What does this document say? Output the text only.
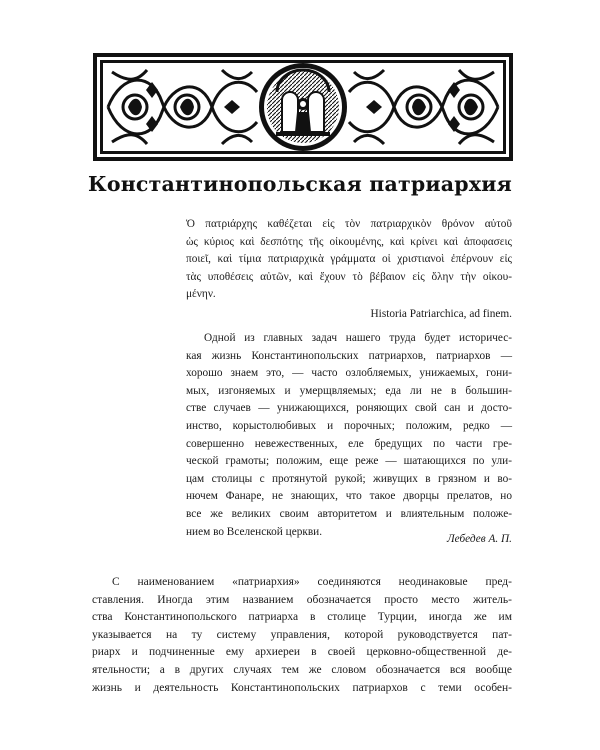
Константинопольская патриархия
Ὁ πατριάρχης καθέζεται εἰς τὸν πατριαρχικὸν θρόνον αὐτοῦ
ὡς κύριος καὶ δεσπότης τῆς οἰκουμένης, καὶ κρίνει καὶ ἀποφασεις
ποιεῖ, καὶ τίμια πατριαρχικὰ γράμματα οἱ χριστιανοὶ ἐπέρνουν εἰς
τὰς υποθέσεις αὐτῶν, καὶ ἔχουν τὸ βέβαιον εἰς ὅλην τὴν οἰκου-
μένην.
Historia Patriarchica, ad finem.
Одной из главных задач нашего труда будет историчес-
кая жизнь Константинопольских патриархов, патриархов —
хорошо знаем это, — часто озлобляемых, унижаемых, гони-
мых, изгоняемых и умерщвляемых; еда ли не в большин-
стве случаев — унижающихся, роняющих свой сан и досто-
инство, корыстолюбивых и порочных; положим, редко —
совершенно невежественных, еле бредущих по части гре-
ческой грамоты; положим, еще реже — шатающихся по ули-
цам столицы с протянутой рукой; живущих в грязном и во-
нючем Фанаре, не знающих, что такое дворцы прелатов, но
все же великих своим авторитетом и влиятельным положе-
нием во Вселенской церкви.
Лебедев А. П.
С наименованием «патриархия» соединяются неодинаковые пред-
ставления. Иногда этим названием обозначается просто место житель-
ства Константинопольского патриарха в столице Турции, иногда же им
указывается на ту систему управления, которой руководствуется пат-
риарх и подчиненные ему архиереи в своей церковно-общественной де-
ятельности; а в других случаях тем же словом обозначается вся вообще
жизнь и деятельность Константинопольских патриархов с теми особен-
